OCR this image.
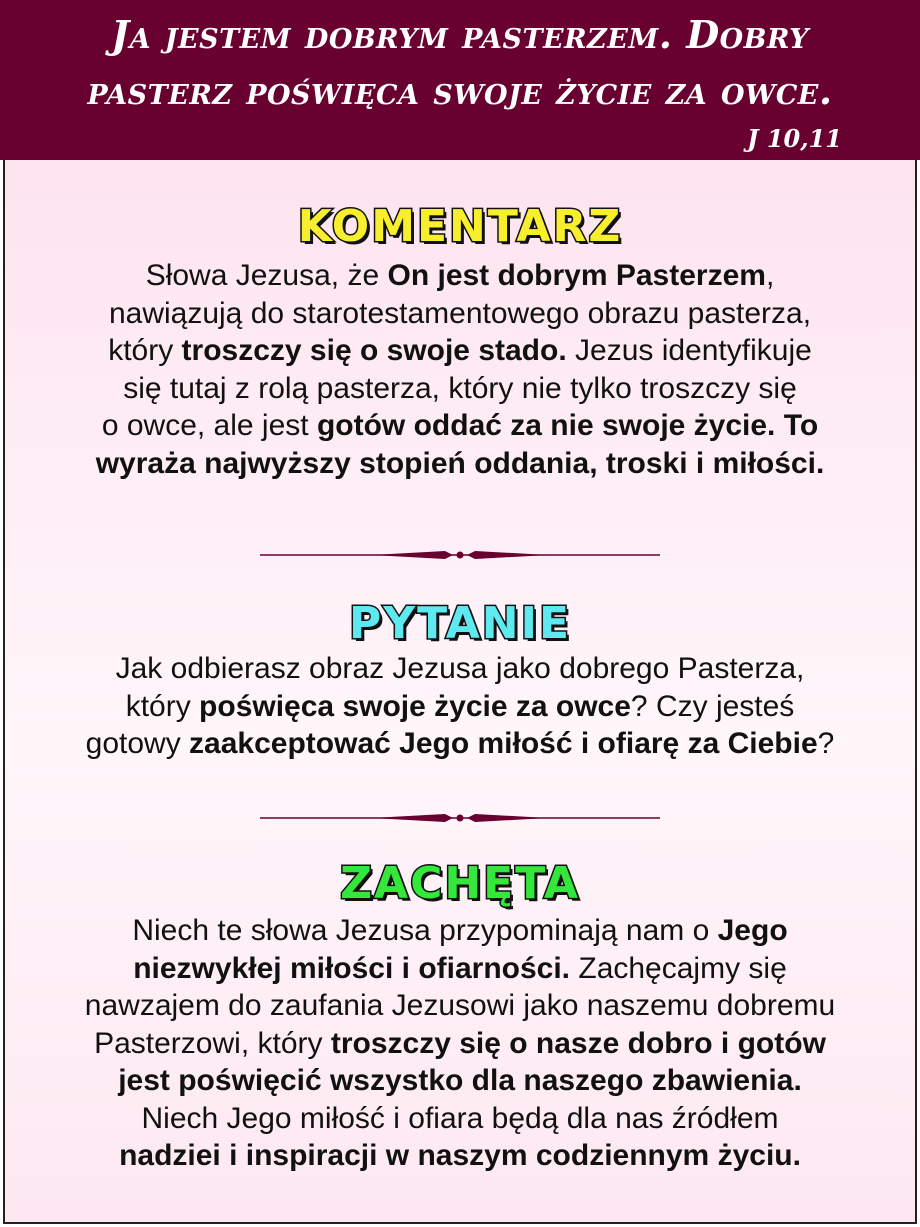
Ja jestem dobrym pasterzem. Dobry
pasterz poświęca swoje życie za owce.
J 10,11
KOMENTARZ
Słowa Jezusa, że On jest dobrym Pasterzem,
nawiązują do starotestamentowego obrazu pasterza,
który troszczy się o swoje stado. Jezus identyfikuje
się tutaj z rolą pasterza, który nie tylko troszczy się
o owce, ale jest gotów oddać za nie swoje życie. To
wyraża najwyższy stopień oddania, troski i miłości.
PYTANIE
Jak odbierasz obraz Jezusa jako dobrego Pasterza,
który poświęca swoje życie za owce? Czy jesteś
gotowy zaakceptować Jego miłość i ofiarę za Ciebie?
ZACHĘTA
Niech te słowa Jezusa przypominają nam o Jego
niezwykłej miłości i ofiarności. Zachęcajmy się
nawzajem do zaufania Jezusowi jako naszemu dobremu
Pasterzowi, który troszczy się o nasze dobro i gotów
jest poświęcić wszystko dla naszego zbawienia.
Niech Jego miłość i ofiara będą dla nas źródłem
nadziei i inspiracji w naszym codziennym życiu.
